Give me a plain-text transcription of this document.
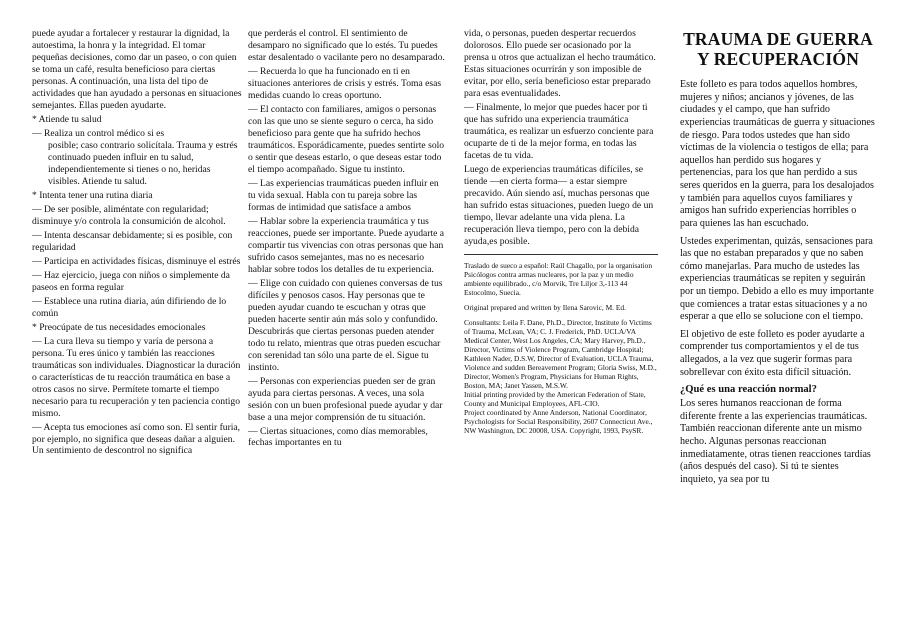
puede ayudar a fortalecer y restaurar la dignidad, la autoestima, la honra y la integridad. El tomar pequeñas decisiones, como dar un paseo, o con quien se toma un café, resulta beneficioso para ciertas personas. A continuación, una lista del tipo de actividades que han ayudado a personas en situaciones semejantes. Ellas pueden ayudarte.

* Atiende tu salud

— Realiza un control médico si es

posible; caso contrario solicítala. Trauma y estrés continuado pueden influir en tu salud, independientemente si tienes o no, heridas visibles. Atiende tu salud.

* Intenta tener una rutina diaria

— De ser posible, aliméntate con regularidad; disminuye y/o controla la consumición de alcohol.

— Intenta descansar debidamente; si es posible, con regularidad

— Participa en actividades físicas, disminuye el estrés

— Haz ejercicio, juega con niños o simplemente da paseos en forma regular

— Establece una rutina diaria, aún difiriendo de lo común

* Preocúpate de tus necesidades emocionales

— La cura lleva su tiempo y varía de persona a persona. Tu eres único y también las reacciones traumáticas son individuales. Diagnosticar la duración o características de tu reacción traumática en base a otros casos no sirve. Permítete tomarte el tiempo necesario para tu recuperación y ten paciencia contigo mismo.

— Acepta tus emociones así como son. El sentir furia, por ejemplo, no significa que deseas dañar a alguien. Un sentimiento de descontrol no significa

que perderás el control. El sentimiento de desamparo no significado que lo estés. Tu puedes estar desalentado o vacilante pero no desamparado.

— Recuerda lo que ha funcionado en ti en situaciones anteriores de crisis y estrés. Toma esas medidas cuando lo creas oportuno.

— El contacto con familiares, amigos o personas con las que uno se siente seguro o cerca, ha sido beneficioso para gente que ha sufrido hechos traumáticos. Esporádicamente, puedes sentirte solo o sentir que deseas estarlo, o que deseas estar todo el tiempo acompañado. Sigue tu instinto.

— Las experiencias traumáticas pueden influir en tu vida sexual. Habla con tu pareja sobre las formas de intimidad que satisface a ambos

— Hablar sobre la experiencia traumática y tus reacciones, puede ser importante. Puede ayudarte a compartir tus vivencias con otras personas que han sufrido casos semejantes, mas no es necesario hablar sobre todos los detalles de tu experiencia.

— Elige con cuidado con quienes conversas de tus difíciles y penosos casos. Hay personas que te pueden ayudar cuando te escuchan y otras que pueden hacerte sentir aún más solo y confundido. Descubrirás que ciertas personas pueden atender todo tu relato, mientras que otras pueden escuchar con serenidad tan sólo una parte de el. Sigue tu instinto.

— Personas con experiencias pueden ser de gran ayuda para ciertas personas. A veces, una sola sesión con un buen profesional puede ayudar y dar base a una mejor comprensión de tu situación.

— Ciertas situaciones, como días memorables, fechas importantes en tu

vida, o personas, pueden despertar recuerdos dolorosos. Ello puede ser ocasionado por la prensa u otros que actualizan el hecho traumático. Estas situaciones ocurrirán y son imposible de evitar, por ello, sería beneficioso estar preparado para esas eventualidades.

— Finalmente, lo mejor que puedes hacer por ti que has sufrido una experiencia traumática traumática, es realizar un esfuerzo conciente para ocuparte de ti de la mejor forma, en todas las facetas de tu vida.

Luego de experiencias traumáticas difíciles, se tiende —en cierta forma— a estar siempre precavido. Aún siendo así, muchas personas que han sufrido estas situaciones, pueden luego de un tiempo, llevar adelante una vida plena. La recuperación lleva tiempo, pero con la debida ayuda,es posible.

Traslado de sueco a español: Raúl Chagallo, por la organisation Psicólogos contra armas nucleares, por la paz y un medio ambiente equilibrado., c/o Morvik, Tre Liljor 3,-113 44 Estocolmo, Suecia.

Original prepared and written by Ilena Sarovic, M. Ed.

Consultants: Leila F. Dane, Ph.D., Director, Institute fo Victims of Trauma, McLean, VA; C. J. Frederick, PhD. UCLA/VA Medical Center, West Los Angeles, CA; Mary Harvey, Ph.D., Director, Victims of Violence Program, Cambridge Hospital; Kathleen Nader, D.S.W, Director of Evaluation, UCLA Trauma, Violence and sudden Bereavement Program; Gloria Swiss, M.D., Director, Women's Program, Physicians for Human Rights, Boston, MA; Janet Yassen, M.S.W.
Initial printing provided by the American Federation of State, County and Municipal Employees, AFL-CIO.
Project coordinated by Anne Anderson, National Coordinator, Psychologists for Social Responsibility, 2607 Connecticut Ave., NW Washington, DC 20008, USA. Copyright, 1993, PsySR.

TRAUMA DE GUERRA Y RECUPERACIÓN

Este folleto es para todos aquellos hombres, mujeres y niños; ancianos y jóvenes, de las ciudades y el campo, que han sufrido experiencias traumáticas de guerra y situaciones de riesgo. Para todos ustedes que han sido víctimas de la violencia o testigos de ella; para aquellos han perdido sus hogares y pertenencias, para los que han perdido a sus seres queridos en la guerra, para los desalojados y también para aquellos cuyos familiares y amigos han sufrido experiencias horribles o para quienes las han escuchado.

Ustedes experimentan, quizás, sensaciones para las que no estaban preparados y que no saben cómo manejarlas. Para mucho de ustedes las experiencias traumáticas se repiten y seguirán por un tiempo. Debido a ello es muy importante que comiences a tratar estas situaciones y a no esperar a que ello se solucione con el tiempo.

El objetivo de este folleto es poder ayudarte a comprender tus comportamientos y el de tus allegados, a la vez que sugerir formas para sobrellevar con éxito esta difícil situación.

¿Qué es una reacción normal?

Los seres humanos reaccionan de forma diferente frente a las experiencias traumáticas. También reaccionan diferente ante un mismo hecho. Algunas personas reaccionan inmediatamente, otras tienen reacciones tardías (años después del caso). Si tú te sientes inquieto, ya sea por tu
